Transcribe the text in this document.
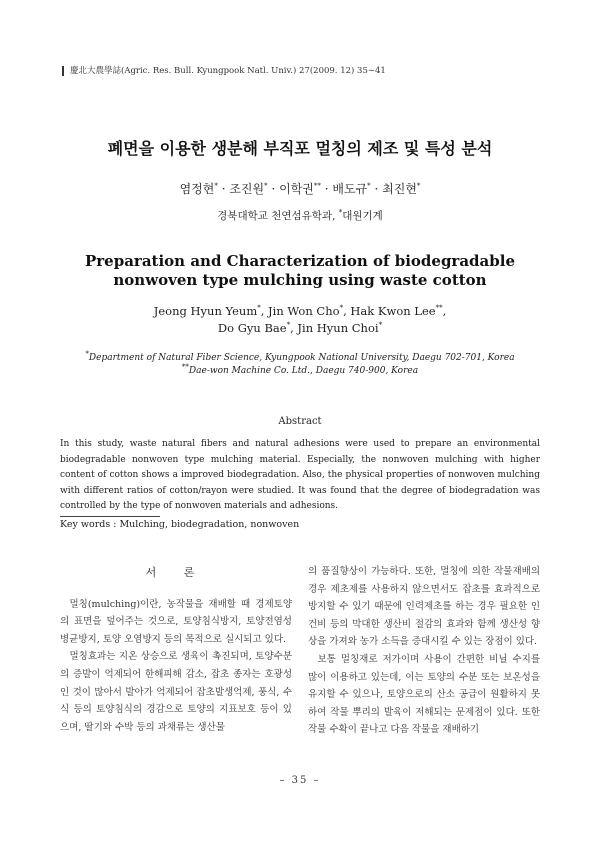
慶北大農學誌(Agric. Res. Bull. Kyungpook Natl. Univ.) 27(2009. 12) 35∼41
폐면을 이용한 생분해 부직포 멀칭의 제조 및 특성 분석
염정현* · 조진원* · 이학권** · 배도규* · 최진현*
경북대학교 천연섬유학과, *대원기계
Preparation and Characterization of biodegradable nonwoven type mulching using waste cotton
Jeong Hyun Yeum*, Jin Won Cho*, Hak Kwon Lee**,
Do Gyu Bae*, Jin Hyun Choi*
*Department of Natural Fiber Science, Kyungpook National University, Daegu 702-701, Korea
**Dae-won Machine Co. Ltd., Daegu 740-900, Korea
Abstract
In this study, waste natural fibers and natural adhesions were used to prepare an environmental biodegradable nonwoven type mulching material. Especially, the nonwoven mulching with higher content of cotton shows a improved biodegradation. Also, the physical properties of nonwoven mulching with different ratios of cotton/rayon were studied. It was found that the degree of biodegradation was controlled by the type of nonwoven materials and adhesions.
Key words : Mulching, biodegradation, nonwoven
서 론

멀칭(mulching)이란, 농작물을 재배할 때 경제토양의 표면을 덮어주는 것으로, 토양침식방지, 토양전염성 병균방지, 토양 오염방지 등의 목적으로 실시되고 있다.

멀칭효과는 지온 상승으로 생육이 촉진되며, 토양수분의 증발이 억제되어 한해피해 감소, 잡초 종자는 호광성인 것이 많아서 발아가 억제되어 잡초발생억제, 풍식, 수식 등의 토양침식의 경감으로 토양의 지표보호 등이 있으며, 딸기와 수박 등의 과채류는 생산물

의 품질향상이 가능하다. 또한, 멀칭에 의한 작물재배의 경우 제초제를 사용하지 않으면서도 잡초를 효과적으로 방지할 수 있기 때문에 인력제초를 하는 경우 필요한 인건비 등의 막대한 생산비 절감의 효과와 함께 생산성 향상을 가져와 농가 소득을 증대시킬 수 있는 장점이 있다.

보통 멀칭재로 저가이며 사용이 간편한 비닐 수지를 많이 이용하고 있는데, 이는 토양의 수분 또는 보온성을 유지할 수 있으나, 토양으로의 산소 공급이 원활하지 못하여 작물 뿌리의 발육이 저해되는 문제점이 있다. 또한 작물 수확이 끝나고 다음 작물을 재배하기

– 35 –
